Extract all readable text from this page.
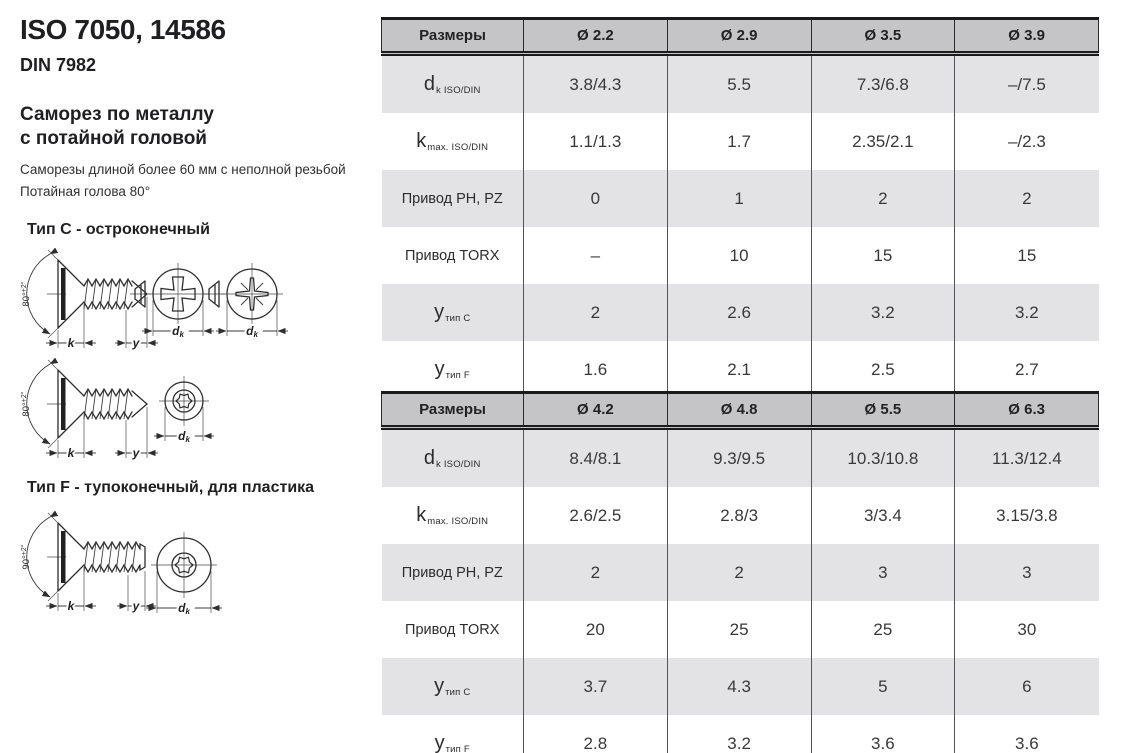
ISO 7050, 14586
DIN 7982
Саморез по металлу
с потайной головой
Саморезы длиной более 60 мм с неполной резьбой
Потайная голова 80°
Тип C - остроконечный
Тип F - тупоконечный, для пластика
80°$^{+2^\circ}$
k	y
dk	dk
80°$^{+2^\circ}$
k	y
dk
90°$^{+2^\circ}$
k	y	dk
Размеры	Ø 2.2	Ø 2.9	Ø 3.5	Ø 3.9
$d_{k ISO/DIN}$	3.8/4.3	5.5	7.3/6.8	–/7.5
$k_{max. ISO/DIN}$	1.1/1.3	1.7	2.35/2.1	–/2.3
Привод PH, PZ	0	1	2	2
Привод TORX	–	10	15	15
$y_{тип C}$	2	2.6	3.2	3.2
$y_{тип F}$	1.6	2.1	2.5	2.7
Размеры	Ø 4.2	Ø 4.8	Ø 5.5	Ø 6.3
$d_{k ISO/DIN}$	8.4/8.1	9.3/9.5	10.3/10.8	11.3/12.4
$k_{max. ISO/DIN}$	2.6/2.5	2.8/3	3/3.4	3.15/3.8
Привод PH, PZ	2	2	3	3
Привод TORX	20	25	25	30
$y_{тип C}$	3.7	4.3	5	6
$y_{тип F}$	2.8	3.2	3.6	3.6
